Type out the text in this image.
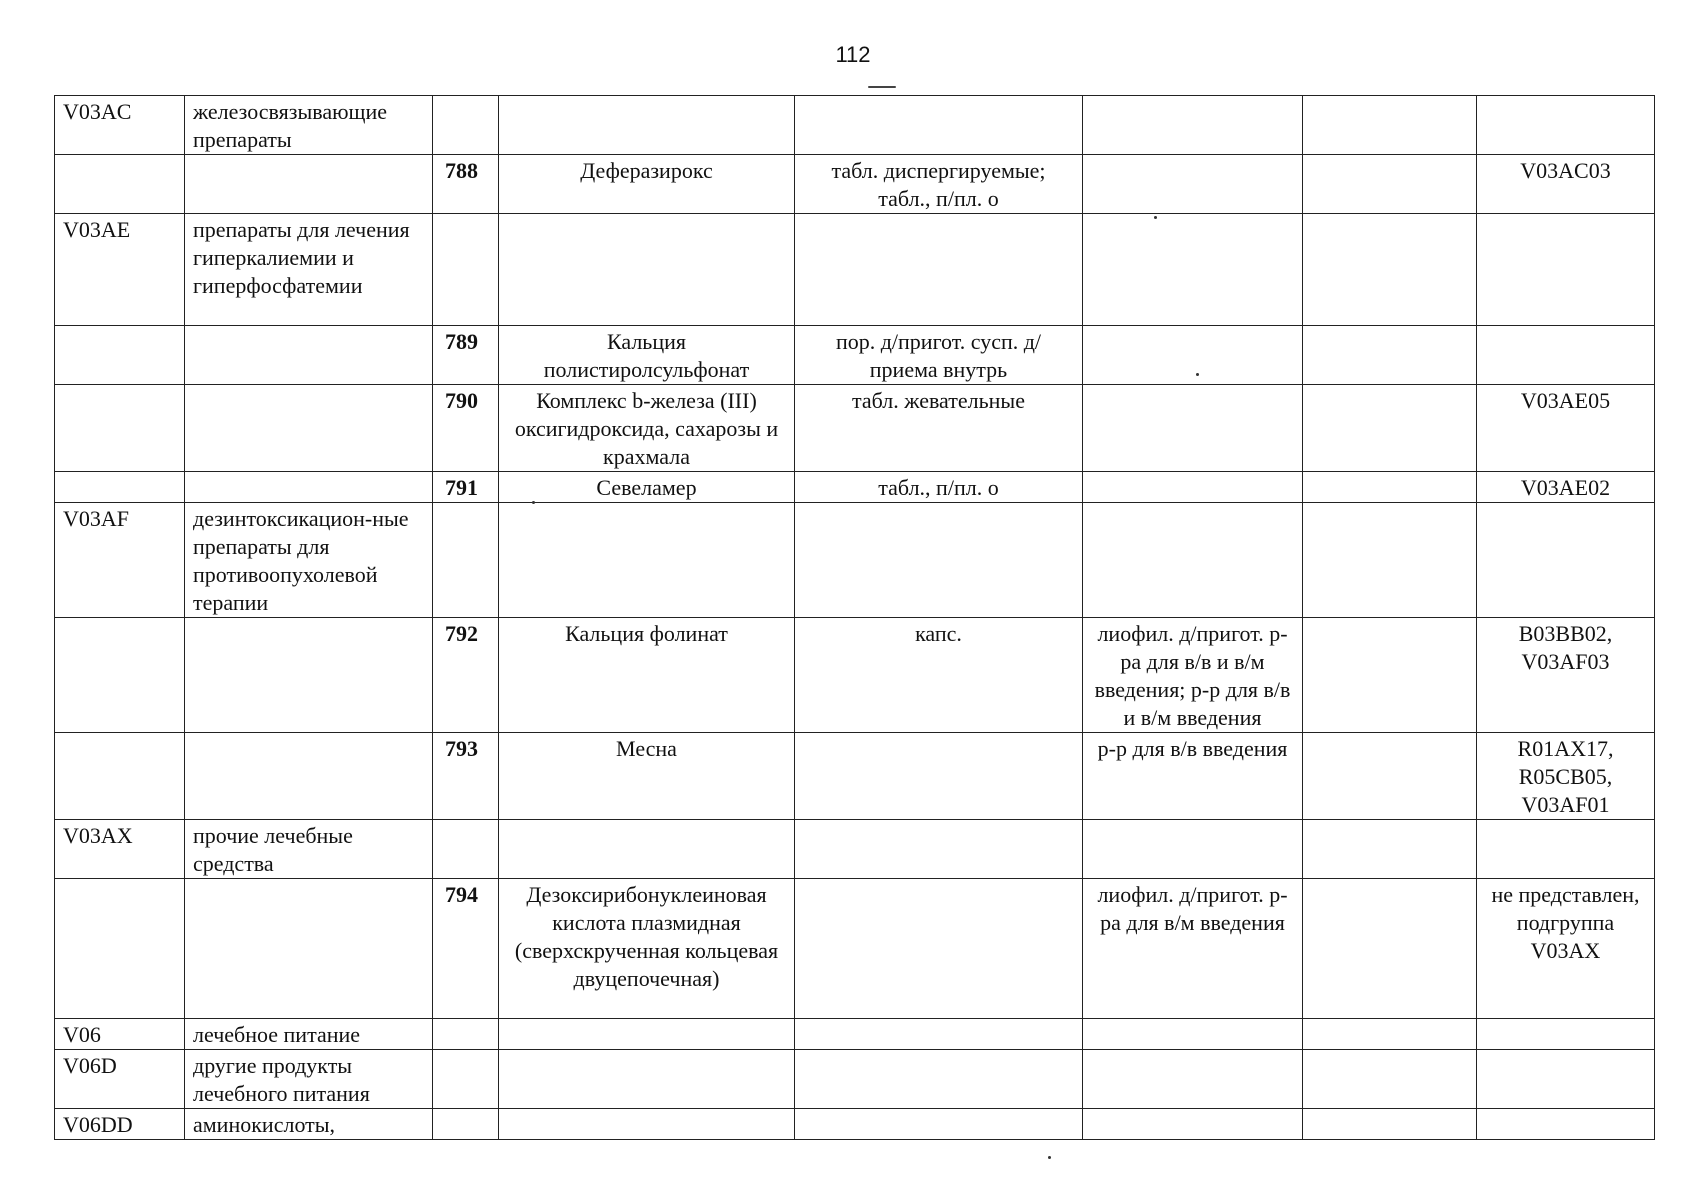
112
V03AC	железосвязывающие препараты						
		788	Деферазирокс	табл. диспергируемые; табл., п/пл. о			V03AC03
V03AE	препараты для лечения гиперкалиемии и гиперфосфатемии						
		789	Кальция полистиролсульфонат	пор. д/пригот. сусп. д/приема внутрь			
		790	Комплекс b-железа (III) оксигидроксида, сахарозы и крахмала	табл. жевательные			V03AE05
		791	Севеламер	табл., п/пл. о			V03AE02
V03AF	дезинтоксикацион-ные препараты для противоопухолевой терапии						
		792	Кальция фолинат	капс.	лиофил. д/пригот. р-ра для в/в и в/м введения; р-р для в/в и в/м введения		B03BB02, V03AF03
		793	Месна		р-р для в/в введения		R01AX17, R05CB05, V03AF01
V03AX	прочие лечебные средства						
		794	Дезоксирибонуклеиновая кислота плазмидная (сверхскрученная кольцевая двуцепочечная)		лиофил. д/пригот. р-ра для в/м введения		не представлен, подгруппа V03AX
V06	лечебное питание						
V06D	другие продукты лечебного питания						
V06DD	аминокислоты,						
